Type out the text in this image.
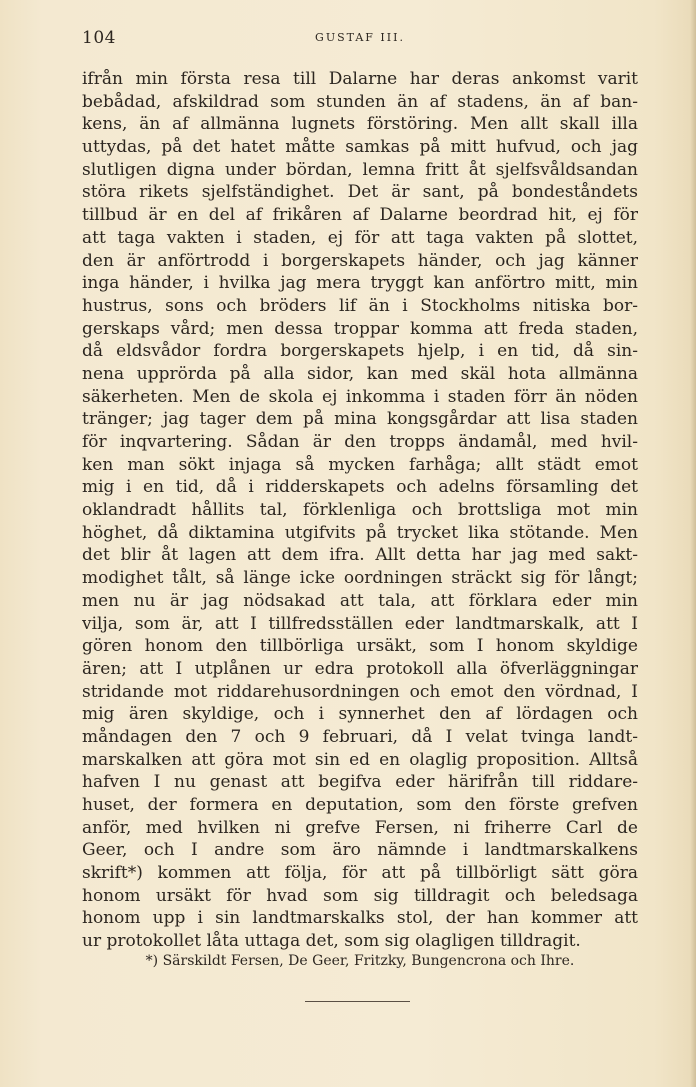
104	GUSTAF III.
ifrån min första resa till Dalarne har deras ankomst varit
bebådad, afskildrad som stunden än af stadens, än af ban-
kens, än af allmänna lugnets förstöring. Men allt skall illa
uttydas, på det hatet måtte samkas på mitt hufvud, och jag
slutligen digna under bördan, lemna fritt åt sjelfsvåldsandan
störa rikets sjelfständighet. Det är sant, på bondeståndets
tillbud är en del af frikåren af Dalarne beordrad hit, ej för
att taga vakten i staden, ej för att taga vakten på slottet,
den är anförtrodd i borgerskapets händer, och jag känner
inga händer, i hvilka jag mera tryggt kan anförtro mitt, min
hustrus, sons och bröders lif än i Stockholms nitiska bor-
gerskaps vård; men dessa troppar komma att freda staden,
då eldsvådor fordra borgerskapets hjelp, i en tid, då sin-
nena upprörda på alla sidor, kan med skäl hota allmänna
säkerheten. Men de skola ej inkomma i staden förr än nöden
tränger; jag tager dem på mina kongsgårdar att lisa staden
för inqvartering. Sådan är den tropps ändamål, med hvil-
ken man sökt injaga så mycken farhåga; allt städt emot
mig i en tid, då i ridderskapets och adelns församling det
oklandradt hållits tal, förklenliga och brottsliga mot min
höghet, då diktamina utgifvits på trycket lika stötande. Men
det blir åt lagen att dem ifra. Allt detta har jag med sakt-
modighet tålt, så länge icke oordningen sträckt sig för långt;
men nu är jag nödsakad att tala, att förklara eder min
vilja, som är, att I tillfredsställen eder landtmarskalk, att I
gören honom den tillbörliga ursäkt, som I honom skyldige
ären; att I utplånen ur edra protokoll alla öfverläggningar
stridande mot riddarehusordningen och emot den vördnad, I
mig ären skyldige, och i synnerhet den af lördagen och
måndagen den 7 och 9 februari, då I velat tvinga landt-
marskalken att göra mot sin ed en olaglig proposition. Alltså
hafven I nu genast att begifva eder härifrån till riddare-
huset, der formera en deputation, som den förste grefven
anför, med hvilken ni grefve Fersen, ni friherre Carl de
Geer, och I andre som äro nämnde i landtmarskalkens
skrift*) kommen att följa, för att på tillbörligt sätt göra
honom ursäkt för hvad som sig tilldragit och beledsaga
honom upp i sin landtmarskalks stol, der han kommer att
ur protokollet låta uttaga det, som sig olagligen tilldragit.
*) Särskildt Fersen, De Geer, Fritzky, Bungencrona och Ihre.
